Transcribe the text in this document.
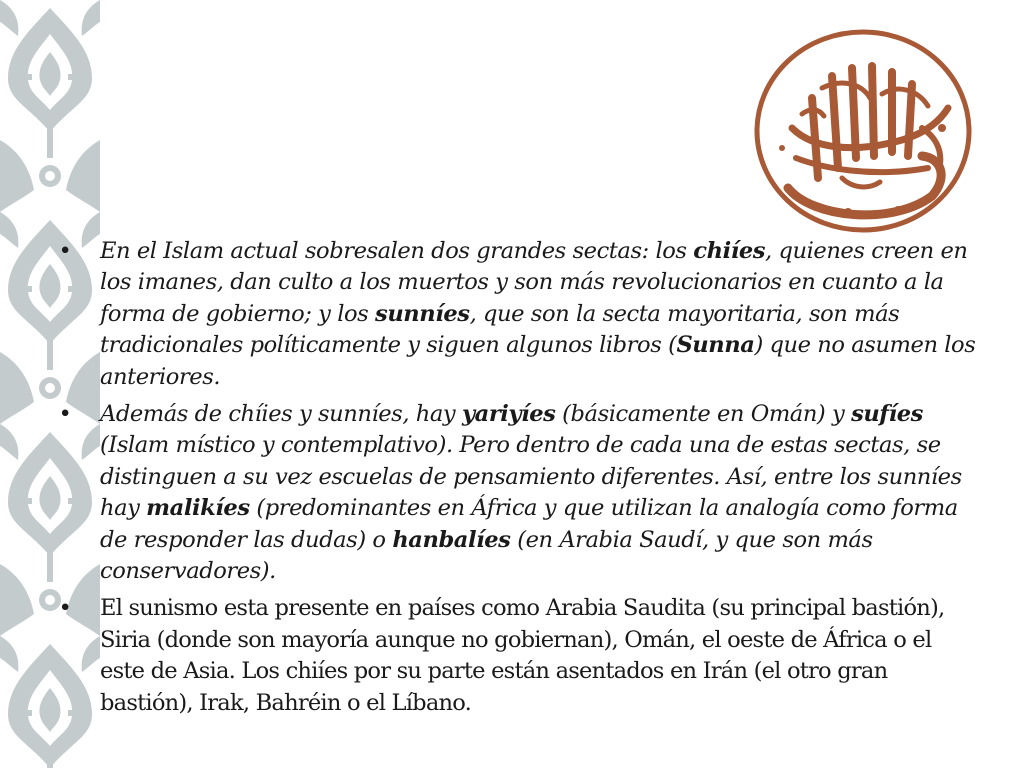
• En el Islam actual sobresalen dos grandes sectas: los chiíes, quienes creen en los imanes, dan culto a los muertos y son más revolucionarios en cuanto a la forma de gobierno; y los sunníes, que son la secta mayoritaria, son más tradicionales políticamente y siguen algunos libros (Sunna) que no asumen los anteriores.
• Además de chíies y sunníes, hay yariyíes (básicamente en Omán) y sufíes (Islam místico y contemplativo). Pero dentro de cada una de estas sectas, se distinguen a su vez escuelas de pensamiento diferentes. Así, entre los sunníes hay malikíes (predominantes en África y que utilizan la analogía como forma de responder las dudas) o hanbalíes (en Arabia Saudí, y que son más conservadores).
• El sunismo esta presente en países como Arabia Saudita (su principal bastión), Siria (donde son mayoría aunque no gobiernan), Omán, el oeste de África o el este de Asia. Los chiíes por su parte están asentados en Irán (el otro gran bastión), Irak, Bahréin o el Líbano.
